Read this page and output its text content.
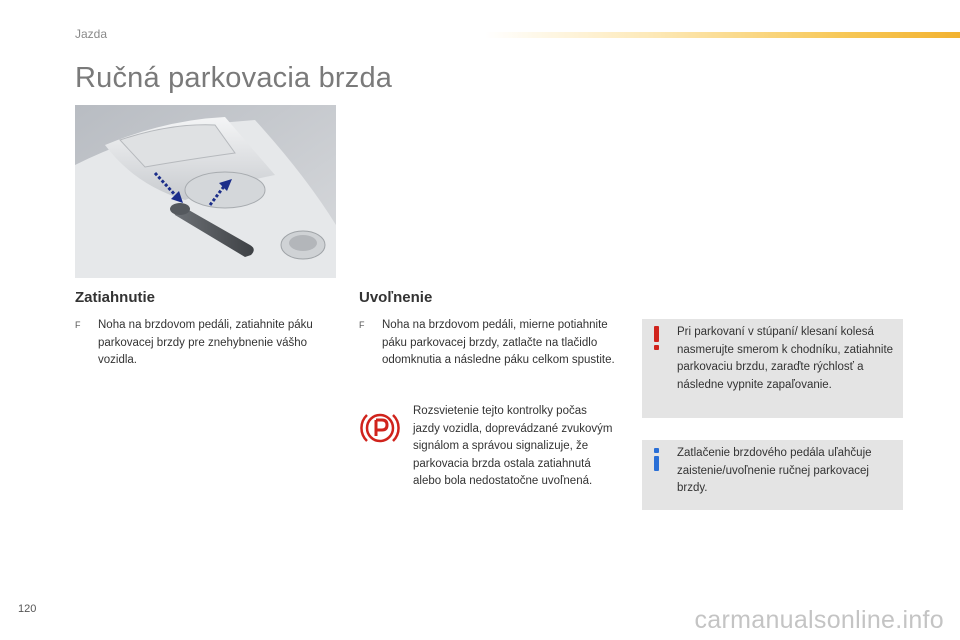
Jazda
Ručná parkovacia brzda
Zatiahnutie
F	Noha na brzdovom pedáli, zatiahnite páku parkovacej brzdy pre znehybnenie vášho vozidla.
Uvoľnenie
F	Noha na brzdovom pedáli, mierne potiahnite páku parkovacej brzdy, zatlačte na tlačidlo odomknutia a následne páku celkom spustite.
Rozsvietenie tejto kontrolky počas jazdy vozidla, doprevádzané zvukovým signálom a správou signalizuje, že parkovacia brzda ostala zatiahnutá alebo bola nedostatočne uvoľnená.
Pri parkovaní v stúpaní/ klesaní kolesá nasmerujte smerom k chodníku, zatiahnite parkovaciu brzdu, zaraďte rýchlosť a následne vypnite zapaľovanie.
Zatlačenie brzdového pedála uľahčuje zaistenie/uvoľnenie ručnej parkovacej brzdy.
120	carmanualsonline.info
